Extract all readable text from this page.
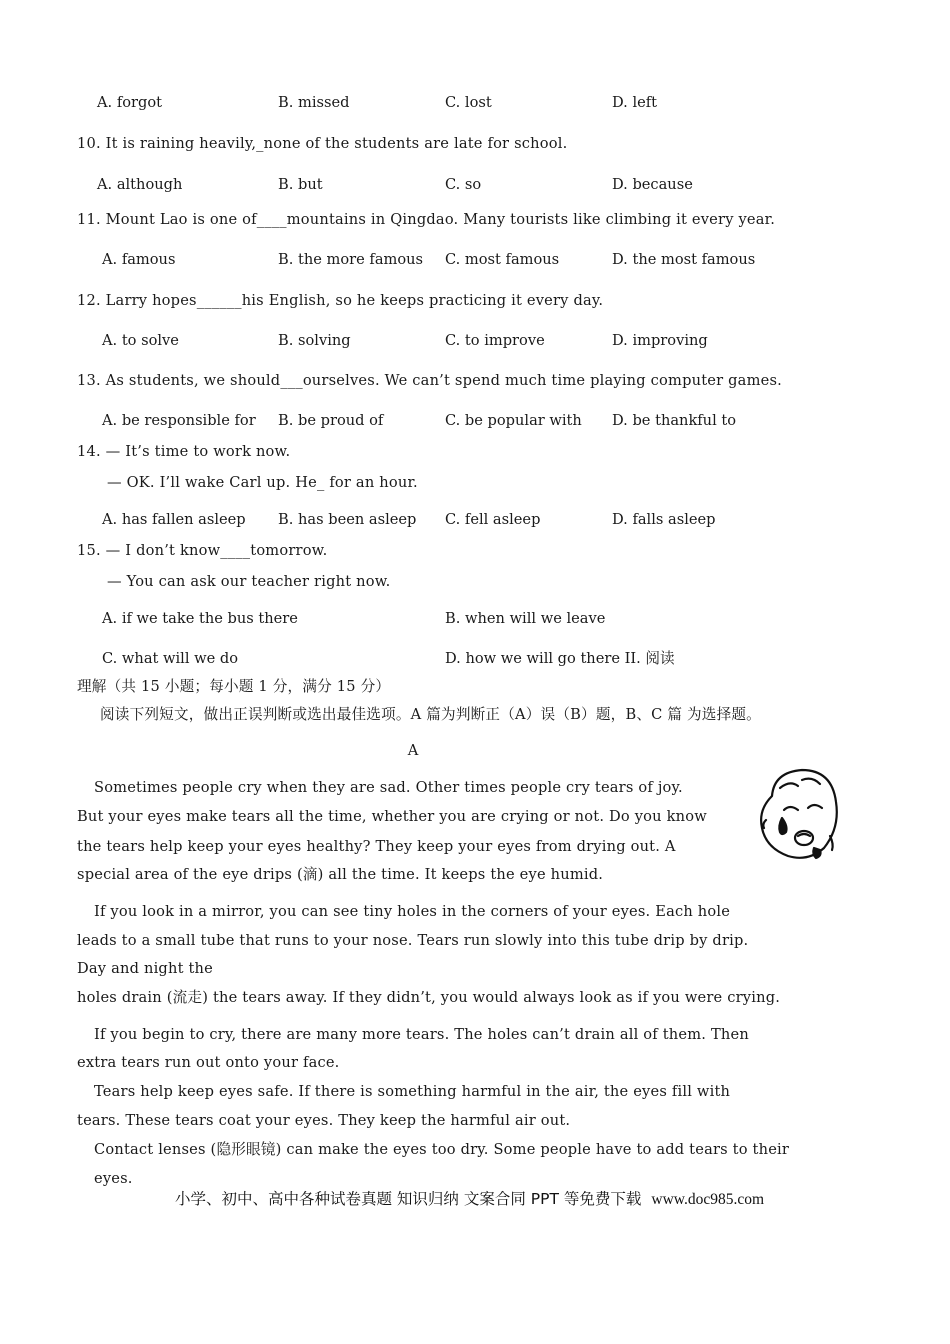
A. forgot	B. missed	C. lost	D. left
10. It is raining heavily,_none of the students are late for school.
A. although	B. but	C. so	D. because
11. Mount Lao is one of____mountains in Qingdao. Many tourists like climbing it every year.
A. famous	B. the more famous C. most famous	D. the most famous
12. Larry hopes______his English, so he keeps practicing it every day.
A. to solve	B. solving	C. to improve	D. improving
13. As students, we should___ourselves. We can’t spend much time playing computer games.
A. be responsible for B. be proud of	C. be popular with D. be thankful to
14. — It’s time to work now.
— OK. I’ll wake Carl up. He_ for an hour.
A. has fallen asleep B. has been asleep C. fell asleep	D. falls asleep
15. — I don’t know____tomorrow.
— You can ask our teacher right now.
A. if we take the bus there	B. when will we leave
C. what will we do	D. how we will go there II. 阅读
理解（共 15 小题；每小题 1 分，满分 15 分）
阅读下列短文，做出正误判断或选出最佳选项。A 篇为判断正（A）误（B）题，B、C 篇 为选择题。
A
Sometimes people cry when they are sad. Other times people cry tears of joy.
But your eyes make tears all the time, whether you are crying or not. Do you know
the tears help keep your eyes healthy? They keep your eyes from drying out. A
special area of the eye drips (滴) all the time. It keeps the eye humid.
If you look in a mirror, you can see tiny holes in the corners of your eyes. Each hole
leads to a small tube that runs to your nose. Tears run slowly into this tube drip by drip.
Day and night the
holes drain (流走) the tears away. If they didn’t, you would always look as if you were crying.
If you begin to cry, there are many more tears. The holes can’t drain all of them. Then
extra tears run out onto your face.
Tears help keep eyes safe. If there is something harmful in the air, the eyes fill with
tears. These tears coat your eyes. They keep the harmful air out.
Contact lenses (隐形眼镜) can make the eyes too dry. Some people have to add tears to their
eyes.
小学、初中、高中各种试卷真题 知识归纳 文案合同 PPT 等免费下载 www.doc985.com
